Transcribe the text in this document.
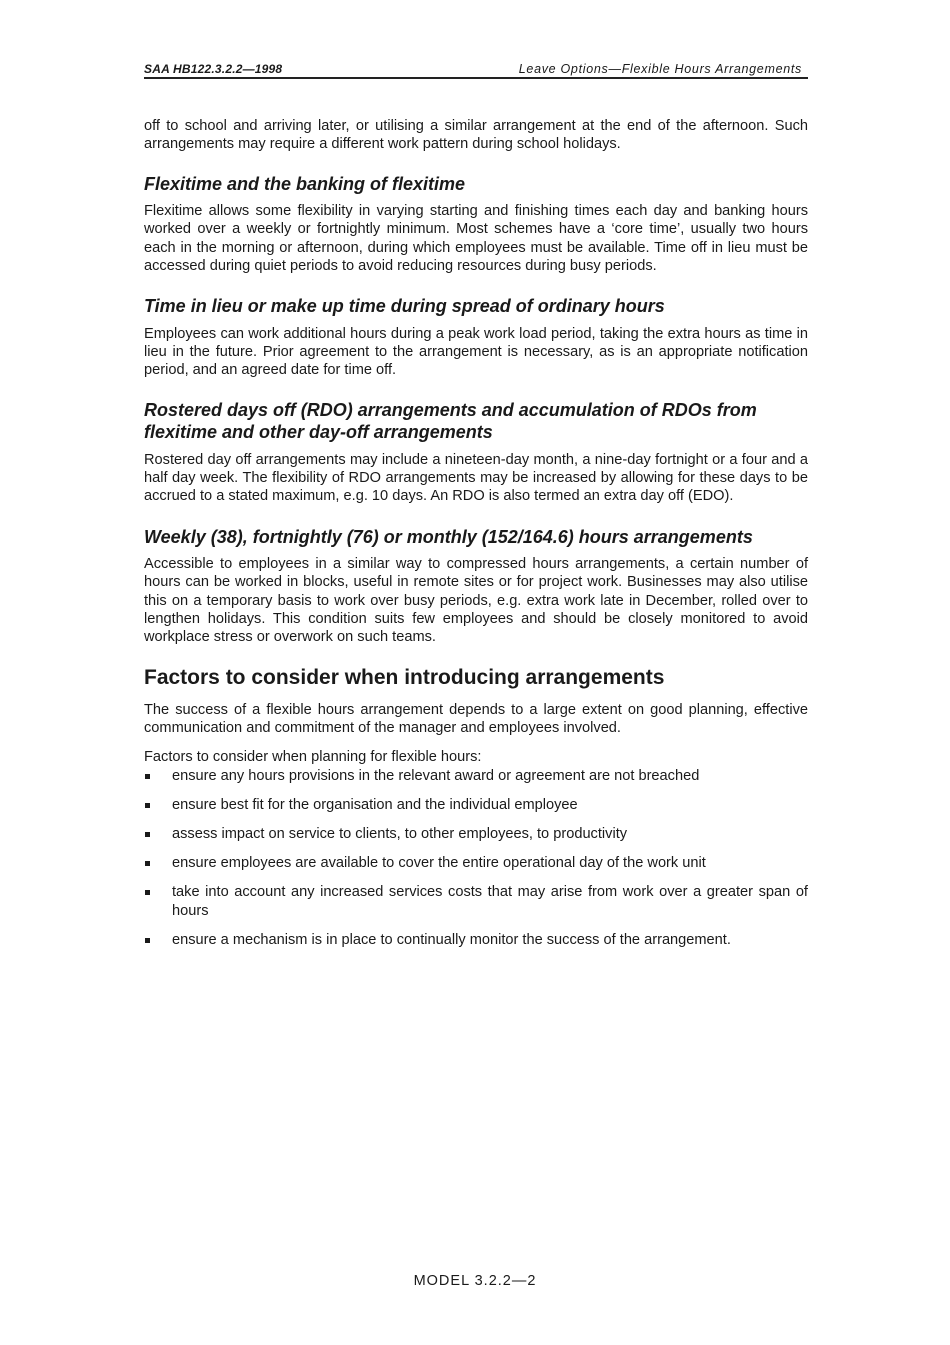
SAA HB122.3.2.2—1998	Leave Options—Flexible Hours Arrangements

off to school and arriving later, or utilising a similar arrangement at the end of the afternoon. Such arrangements may require a different work pattern during school holidays.

Flexitime and the banking of flexitime

Flexitime allows some flexibility in varying starting and finishing times each day and banking hours worked over a weekly or fortnightly minimum. Most schemes have a ‘core time’, usually two hours each in the morning or afternoon, during which employees must be available. Time off in lieu must be accessed during quiet periods to avoid reducing resources during busy periods.

Time in lieu or make up time during spread of ordinary hours

Employees can work additional hours during a peak work load period, taking the extra hours as time in lieu in the future. Prior agreement to the arrangement is necessary, as is an appropriate notification period, and an agreed date for time off.

Rostered days off (RDO) arrangements and accumulation of RDOs from flexitime and other day-off arrangements

Rostered day off arrangements may include a nineteen-day month, a nine-day fortnight or a four and a half day week. The flexibility of RDO arrangements may be increased by allowing for these days to be accrued to a stated maximum, e.g. 10 days. An RDO is also termed an extra day off (EDO).

Weekly (38), fortnightly (76) or monthly (152/164.6) hours arrangements

Accessible to employees in a similar way to compressed hours arrangements, a certain number of hours can be worked in blocks, useful in remote sites or for project work. Businesses may also utilise this on a temporary basis to work over busy periods, e.g. extra work late in December, rolled over to lengthen holidays. This condition suits few employees and should be closely monitored to avoid workplace stress or overwork on such teams.

Factors to consider when introducing arrangements

The success of a flexible hours arrangement depends to a large extent on good planning, effective communication and commitment of the manager and employees involved.

Factors to consider when planning for flexible hours:

ensure any hours provisions in the relevant award or agreement are not breached
ensure best fit for the organisation and the individual employee
assess impact on service to clients, to other employees, to productivity
ensure employees are available to cover the entire operational day of the work unit
take into account any increased services costs that may arise from work over a greater span of hours
ensure a mechanism is in place to continually monitor the success of the arrangement.
MODEL 3.2.2—2
